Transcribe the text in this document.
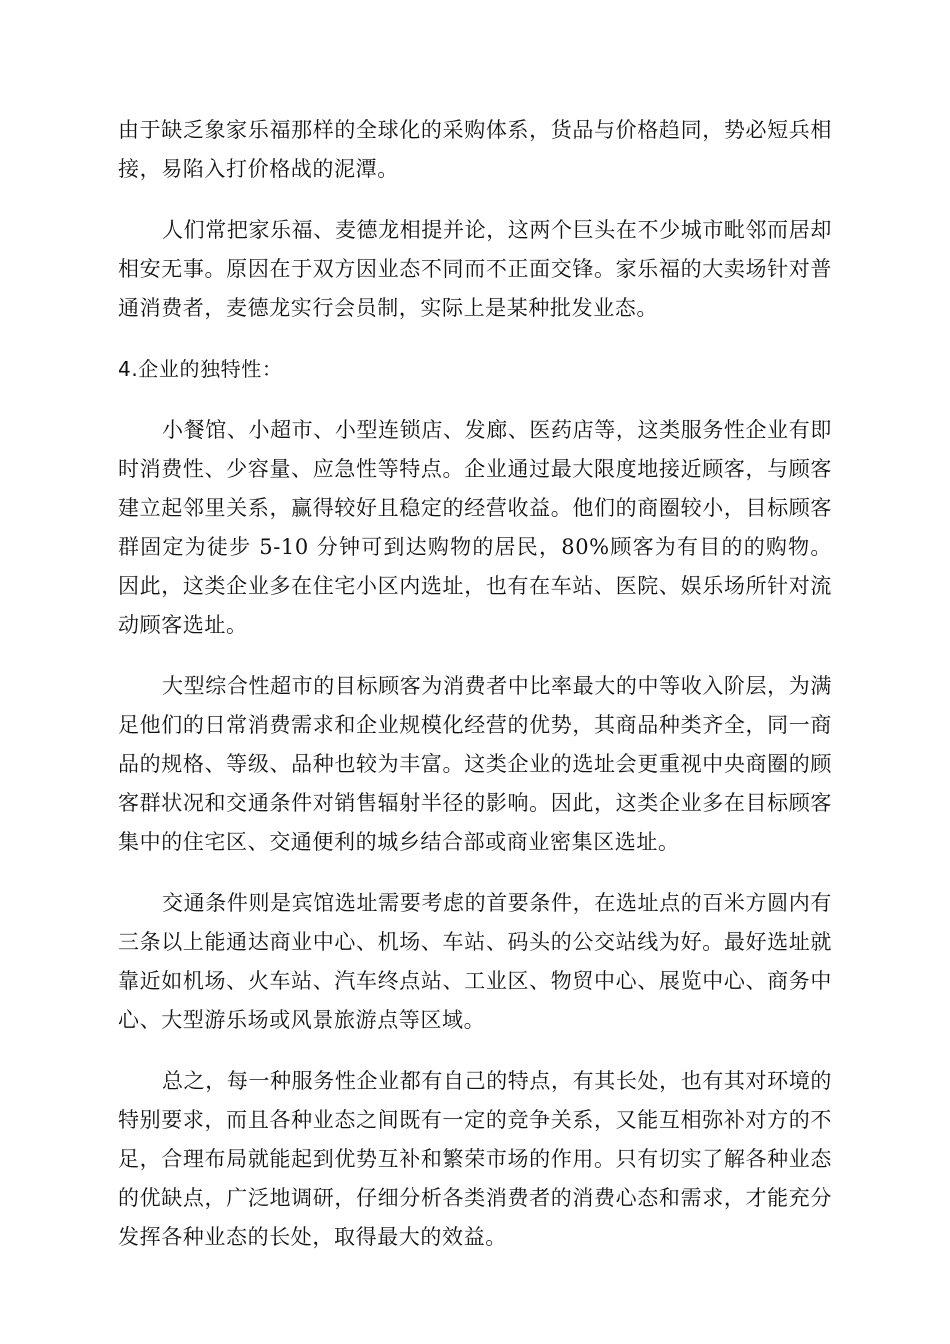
由于缺乏象家乐福那样的全球化的采购体系，货品与价格趋同，势必短兵相接，易陷入打价格战的泥潭。

人们常把家乐福、麦德龙相提并论，这两个巨头在不少城市毗邻而居却相安无事。原因在于双方因业态不同而不正面交锋。家乐福的大卖场针对普通消费者，麦德龙实行会员制，实际上是某种批发业态。

4.企业的独特性：

小餐馆、小超市、小型连锁店、发廊、医药店等，这类服务性企业有即时消费性、少容量、应急性等特点。企业通过最大限度地接近顾客，与顾客建立起邻里关系，赢得较好且稳定的经营收益。他们的商圈较小，目标顾客群固定为徒步 5-10 分钟可到达购物的居民，80%顾客为有目的的购物。因此，这类企业多在住宅小区内选址，也有在车站、医院、娱乐场所针对流动顾客选址。

大型综合性超市的目标顾客为消费者中比率最大的中等收入阶层，为满足他们的日常消费需求和企业规模化经营的优势，其商品种类齐全，同一商品的规格、等级、品种也较为丰富。这类企业的选址会更重视中央商圈的顾客群状况和交通条件对销售辐射半径的影响。因此，这类企业多在目标顾客集中的住宅区、交通便利的城乡结合部或商业密集区选址。

交通条件则是宾馆选址需要考虑的首要条件，在选址点的百米方圆内有三条以上能通达商业中心、机场、车站、码头的公交站线为好。最好选址就靠近如机场、火车站、汽车终点站、工业区、物贸中心、展览中心、商务中心、大型游乐场或风景旅游点等区域。

总之，每一种服务性企业都有自己的特点，有其长处，也有其对环境的特别要求，而且各种业态之间既有一定的竞争关系，又能互相弥补对方的不足，合理布局就能起到优势互补和繁荣市场的作用。只有切实了解各种业态的优缺点，广泛地调研，仔细分析各类消费者的消费心态和需求，才能充分发挥各种业态的长处，取得最大的效益。
